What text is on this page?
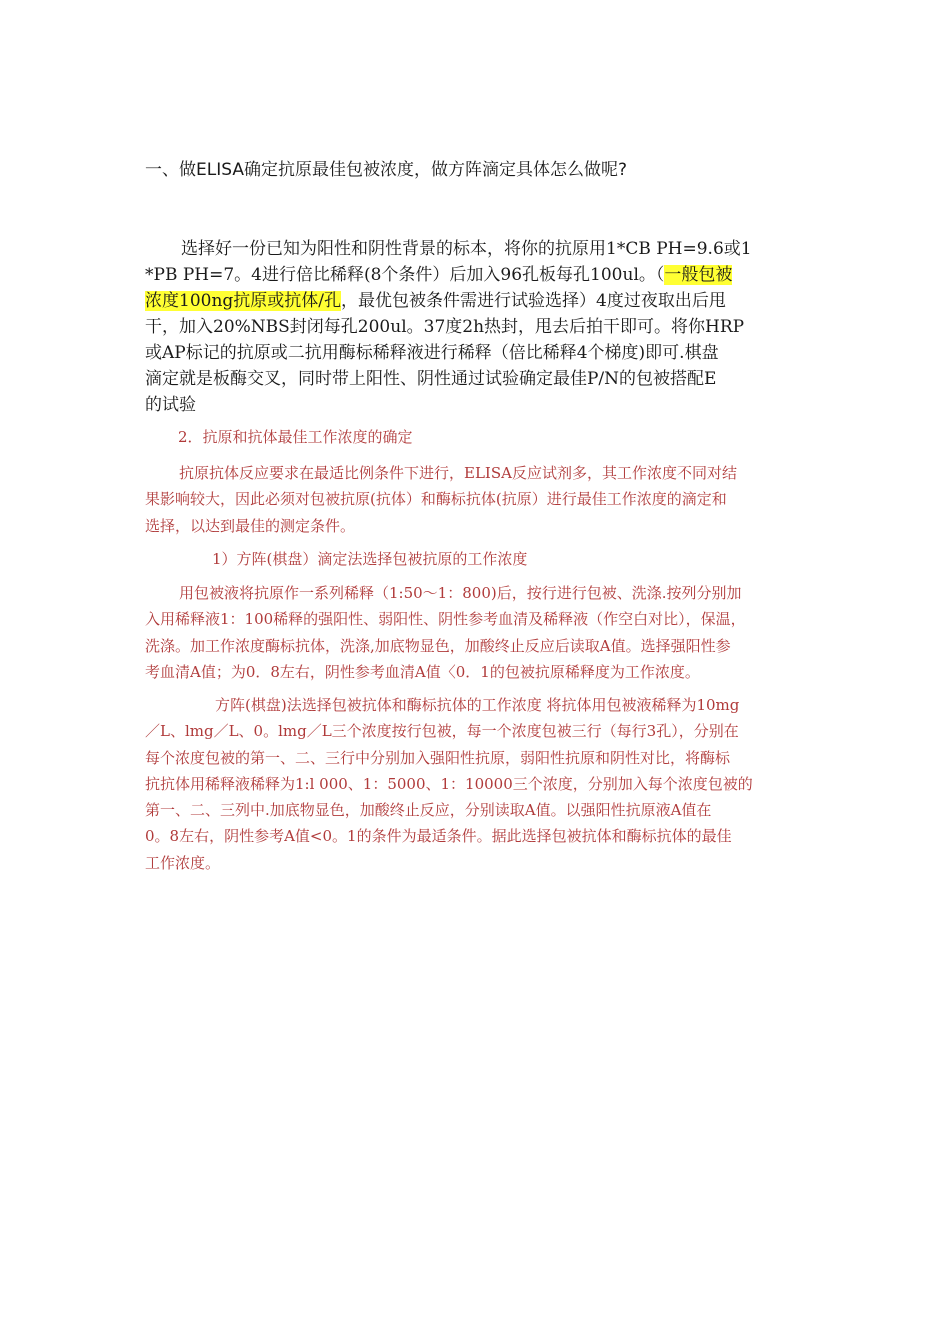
一、做ELISA确定抗原最佳包被浓度，做方阵滴定具体怎么做呢?
选择好一份已知为阳性和阴性背景的标本，将你的抗原用1*CB PH=9.6或1
*PB PH=7。4进行倍比稀释(8个条件）后加入96孔板每孔100ul。（一般包被
浓度100ng抗原或抗体/孔，最优包被条件需进行试验选择）4度过夜取出后甩
干，加入20%NBS封闭每孔200ul。37度2h热封，甩去后拍干即可。将你HRP
或AP标记的抗原或二抗用酶标稀释液进行稀释（倍比稀释4个梯度)即可.棋盘
滴定就是板酶交叉，同时带上阳性、阴性通过试验确定最佳P/N的包被搭配E
的试验
2．抗原和抗体最佳工作浓度的确定
抗原抗体反应要求在最适比例条件下进行，ELISA反应试剂多，其工作浓度不同对结
果影响较大，因此必须对包被抗原(抗体）和酶标抗体(抗原）进行最佳工作浓度的滴定和
选择，以达到最佳的测定条件。
1）方阵(棋盘）滴定法选择包被抗原的工作浓度
用包被液将抗原作一系列稀释（1:50～1：800)后，按行进行包被、洗涤.按列分别加
入用稀释液1：100稀释的强阳性、弱阳性、阴性参考血清及稀释液（作空白对比），保温，
洗涤。加工作浓度酶标抗体，洗涤,加底物显色，加酸终止反应后读取A值。选择强阳性参
考血清A值；为0．8左右，阴性参考血清A值〈0．1的包被抗原稀释度为工作浓度。
方阵(棋盘)法选择包被抗体和酶标抗体的工作浓度 将抗体用包被液稀释为10mg
／L、lmg／L、0。lmg／L三个浓度按行包被，每一个浓度包被三行（每行3孔），分别在
每个浓度包被的第一、二、三行中分别加入强阳性抗原，弱阳性抗原和阴性对比，将酶标
抗抗体用稀释液稀释为1:l 000、1：5000、1：10000三个浓度，分别加入每个浓度包被的
第一、二、三列中.加底物显色，加酸终止反应，分别读取A值。以强阳性抗原液A值在
0。8左右，阴性参考A值<0。1的条件为最适条件。据此选择包被抗体和酶标抗体的最佳
工作浓度。
